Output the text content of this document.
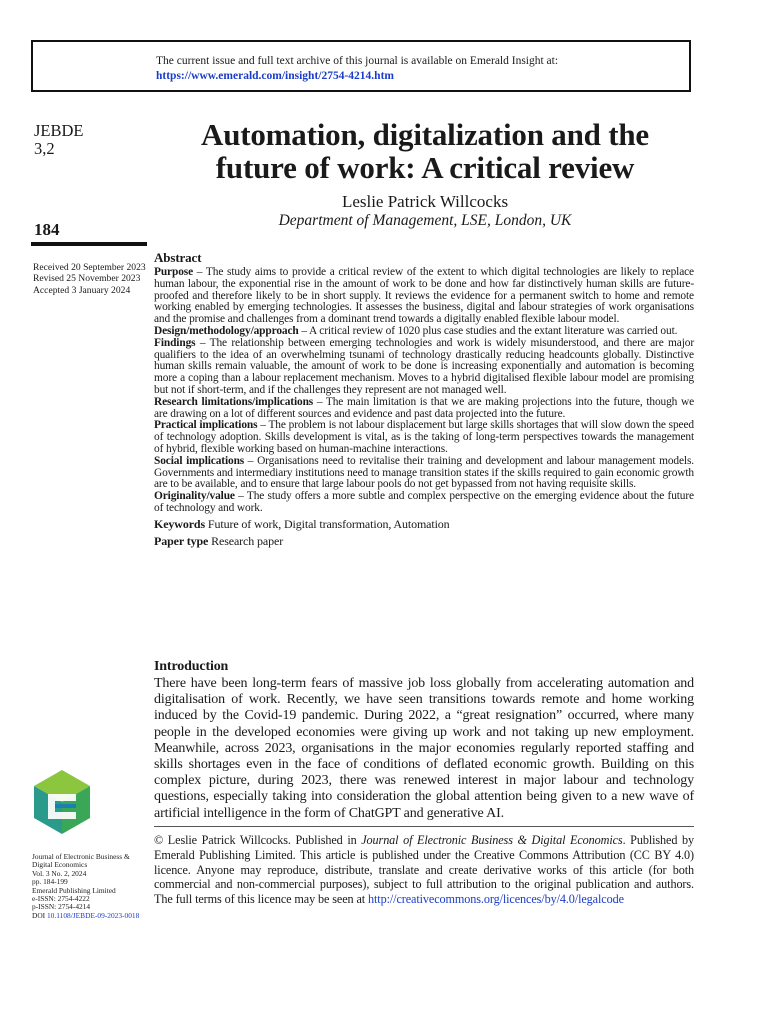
The current issue and full text archive of this journal is available on Emerald Insight at:
https://www.emerald.com/insight/2754-4214.htm
JEBDE
3,2
184
Received 20 September 2023
Revised 25 November 2023
Accepted 3 January 2024
Automation, digitalization and the
future of work: A critical review
Leslie Patrick Willcocks
Department of Management, LSE, London, UK

Abstract

Purpose – The study aims to provide a critical review of the extent to which digital technologies are likely to replace human labour, the exponential rise in the amount of work to be done and how far distinctively human skills are future-proofed and therefore likely to be in short supply. It reviews the evidence for a permanent switch to home and remote working enabled by emerging technologies. It assesses the business, digital and labour strategies of work organisations and the promise and challenges from a dominant trend towards a digitally enabled flexible labour model.

Design/methodology/approach – A critical review of 1020 plus case studies and the extant literature was carried out.

Findings – The relationship between emerging technologies and work is widely misunderstood, and there are major qualifiers to the idea of an overwhelming tsunami of technology drastically reducing headcounts globally. Distinctive human skills remain valuable, the amount of work to be done is increasing exponentially and automation is becoming more a coping than a labour replacement mechanism. Moves to a hybrid digitalised flexible labour model are promising but not if short-term, and if the challenges they represent are not managed well.

Research limitations/implications – The main limitation is that we are making projections into the future, though we are drawing on a lot of different sources and evidence and past data projected into the future.

Practical implications – The problem is not labour displacement but large skills shortages that will slow down the speed of technology adoption. Skills development is vital, as is the taking of long-term perspectives towards the management of hybrid, flexible working based on human-machine interactions.

Social implications – Organisations need to revitalise their training and development and labour management models. Governments and intermediary institutions need to manage transition states if the skills required to gain economic growth are to be available, and to ensure that large labour pools do not get bypassed from not having requisite skills.

Originality/value – The study offers a more subtle and complex perspective on the emerging evidence about the future of technology and work.

Keywords Future of work, Digital transformation, Automation

Paper type Research paper

Introduction

There have been long-term fears of massive job loss globally from accelerating automation and digitalisation of work. Recently, we have seen transitions towards remote and home working induced by the Covid-19 pandemic. During 2022, a “great resignation” occurred, where many people in the developed economies were giving up work and not taking up new employment. Meanwhile, across 2023, organisations in the major economies regularly reported staffing and skills shortages even in the face of conditions of deflated economic growth. Building on this complex picture, during 2023, there was renewed interest in major labour and technology questions, especially taking into consideration the global attention being given to a new wave of artificial intelligence in the form of ChatGPT and generative AI.

© Leslie Patrick Willcocks. Published in Journal of Electronic Business & Digital Economics. Published by Emerald Publishing Limited. This article is published under the Creative Commons Attribution (CC BY 4.0) licence. Anyone may reproduce, distribute, translate and create derivative works of this article (for both commercial and non-commercial purposes), subject to full attribution to the original publication and authors. The full terms of this licence may be seen at http://creativecommons.org/licences/by/4.0/legalcode
Journal of Electronic Business &
Digital Economics
Vol. 3 No. 2, 2024
pp. 184-199
Emerald Publishing Limited
e-ISSN: 2754-4222
p-ISSN: 2754-4214
DOI 10.1108/JEBDE-09-2023-0018
